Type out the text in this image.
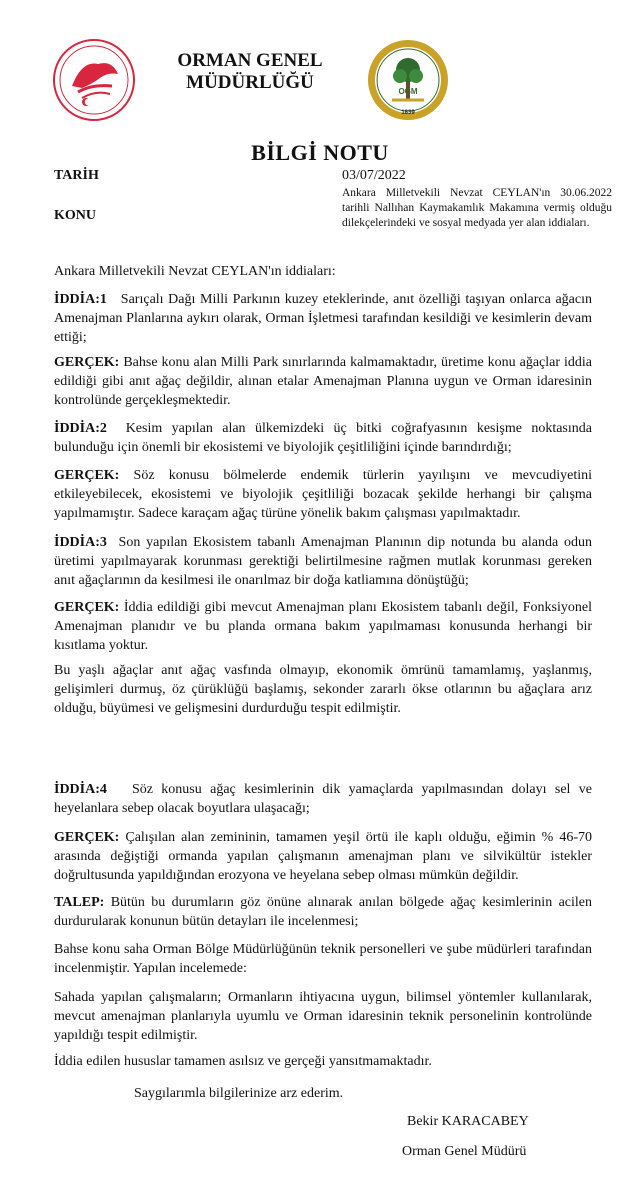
ORMAN GENEL
MÜDÜRLÜĞÜ	OGM
1839
BİLGİ NOTU
TARİH	03/07/2022
KONU
Ankara Milletvekili Nevzat CEYLAN'ın 30.06.2022 tarihli Nallıhan Kaymakamlık Makamına vermiş olduğu dilekçelerindeki ve sosyal medyada yer alan iddiaları.
Ankara Milletvekili Nevzat CEYLAN'ın iddiaları:
İDDİA:1 Sarıçalı Dağı Milli Parkının kuzey eteklerinde, anıt özelliği taşıyan onlarca ağacın Amenajman Planlarına aykırı olarak, Orman İşletmesi tarafından kesildiği ve kesimlerin devam ettiği;
GERÇEK: Bahse konu alan Milli Park sınırlarında kalmamaktadır, üretime konu ağaçlar iddia edildiği gibi anıt ağaç değildir, alınan etalar Amenajman Planına uygun ve Orman idaresinin kontrolünde gerçekleşmektedir.
İDDİA:2 Kesim yapılan alan ülkemizdeki üç bitki coğrafyasının kesişme noktasında bulunduğu için önemli bir ekosistemi ve biyolojik çeşitliliğini içinde barındırdığı;
GERÇEK: Söz konusu bölmelerde endemik türlerin yayılışını ve mevcudiyetini etkileyebilecek, ekosistemi ve biyolojik çeşitliliği bozacak şekilde herhangi bir çalışma yapılmamıştır. Sadece karaçam ağaç türüne yönelik bakım çalışması yapılmaktadır.
İDDİA:3 Son yapılan Ekosistem tabanlı Amenajman Planının dip notunda bu alanda odun üretimi yapılmayarak korunması gerektiği belirtilmesine rağmen mutlak korunması gereken anıt ağaçlarının da kesilmesi ile onarılmaz bir doğa katliamına dönüştüğü;
GERÇEK: İddia edildiği gibi mevcut Amenajman planı Ekosistem tabanlı değil, Fonksiyonel Amenajman planıdır ve bu planda ormana bakım yapılmaması konusunda herhangi bir kısıtlama yoktur.
Bu yaşlı ağaçlar anıt ağaç vasfında olmayıp, ekonomik ömrünü tamamlamış, yaşlanmış, gelişimleri durmuş, öz çürüklüğü başlamış, sekonder zararlı ökse otlarının bu ağaçlara arız olduğu, büyümesi ve gelişmesini durdurduğu tespit edilmiştir.
İDDİA:4 Söz konusu ağaç kesimlerinin dik yamaçlarda yapılmasından dolayı sel ve heyelanlara sebep olacak boyutlara ulaşacağı;
GERÇEK: Çalışılan alan zemininin, tamamen yeşil örtü ile kaplı olduğu, eğimin % 46-70 arasında değiştiği ormanda yapılan çalışmanın amenajman planı ve silvikültür istekler doğrultusunda yapıldığından erozyona ve heyelana sebep olması mümkün değildir.
TALEP: Bütün bu durumların göz önüne alınarak anılan bölgede ağaç kesimlerinin acilen durdurularak konunun bütün detayları ile incelenmesi;
Bahse konu saha Orman Bölge Müdürlüğünün teknik personelleri ve şube müdürleri tarafından incelenmiştir. Yapılan incelemede:
Sahada yapılan çalışmaların; Ormanların ihtiyacına uygun, bilimsel yöntemler kullanılarak, mevcut amenajman planlarıyla uyumlu ve Orman idaresinin teknik personelinin kontrolünde yapıldığı tespit edilmiştir.
İddia edilen hususlar tamamen asılsız ve gerçeği yansıtmamaktadır.
Saygılarımla bilgilerinize arz ederim.
Bekir KARACABEY
Orman Genel Müdürü
